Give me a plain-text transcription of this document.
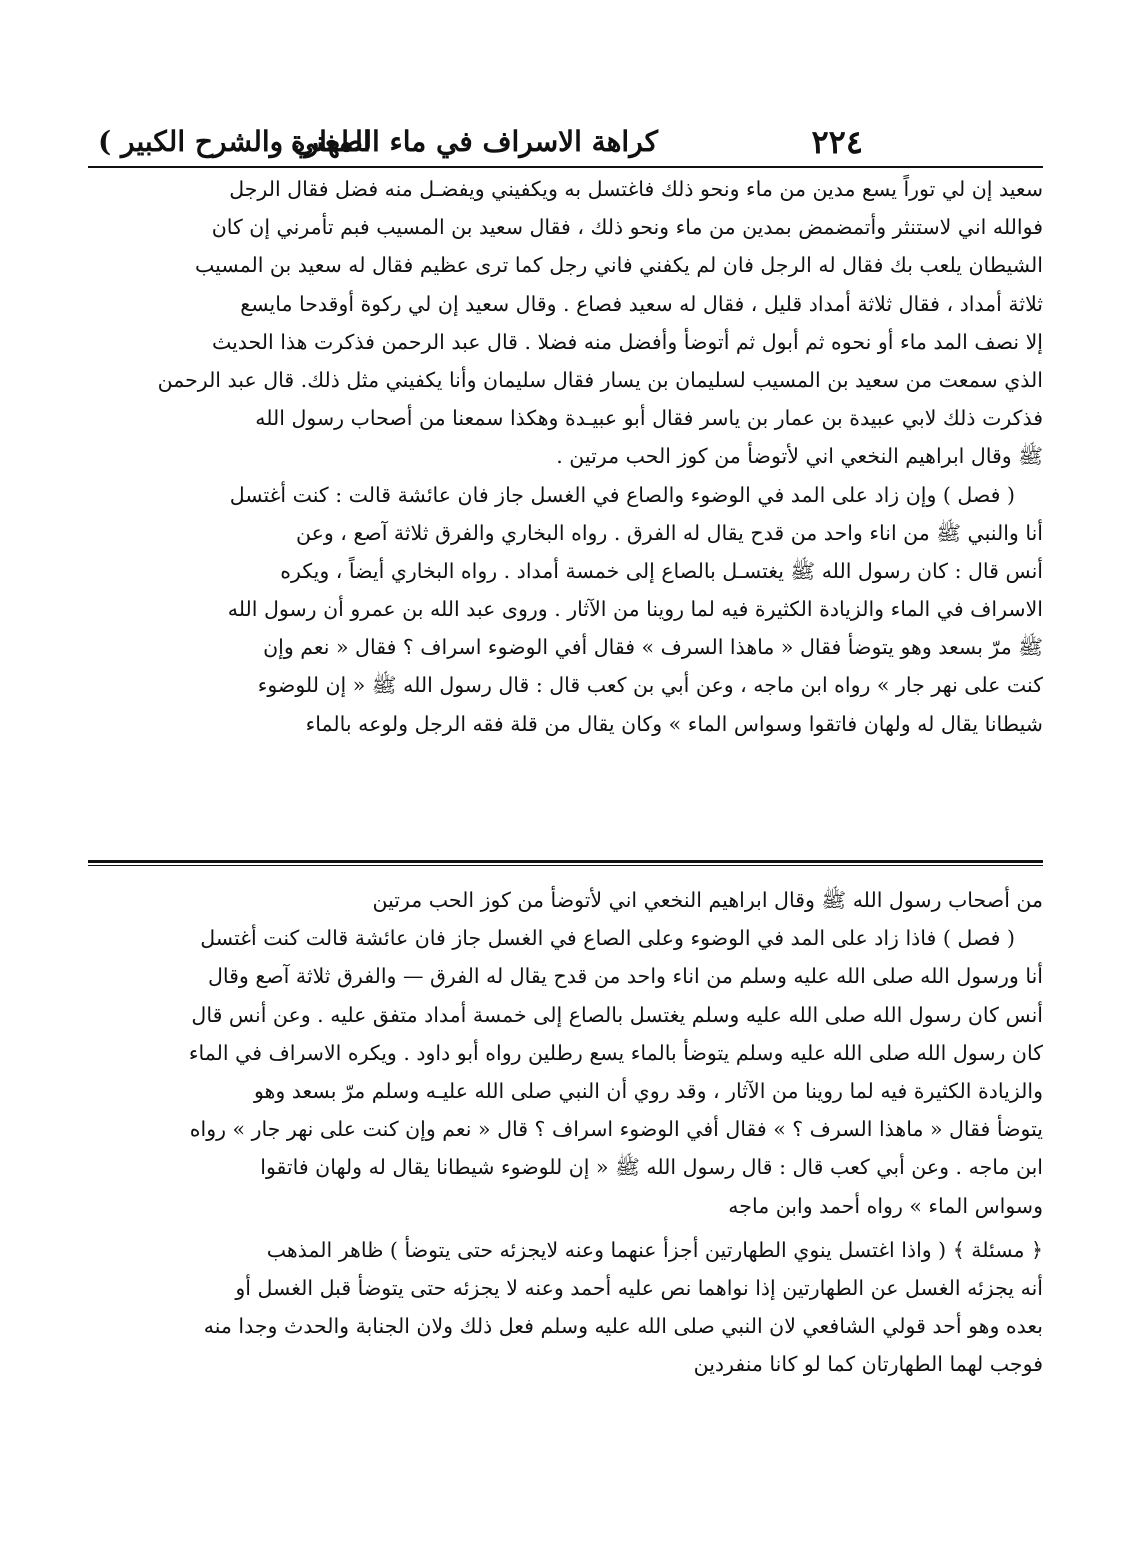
٢٢٤
كراهة الاسراف في ماء الطهارة
المغني والشرح الكبير )
سعيد إن لي توراً يسع مدين من ماء ونحو ذلك فاغتسل به ويكفيني ويفضـل منه فضل فقال الرجل
فوالله اني لاستنثر وأتمضمض بمدين من ماء ونحو ذلك ، فقال سعيد بن المسيب فبم تأمرني إن كان
الشيطان يلعب بك فقال له الرجل فان لم يكفني فاني رجل كما ترى عظيم فقال له سعيد بن المسيب
ثلاثة أمداد ، فقال ثلاثة أمداد قليل ، فقال له سعيد فصاع . وقال سعيد إن لي ركوة أوقدحا مايسع
إلا نصف المد ماء أو نحوه ثم أبول ثم أتوضأ وأفضل منه فضلا . قال عبد الرحمن فذكرت هذا الحديث
الذي سمعت من سعيد بن المسيب لسليمان بن يسار فقال سليمان وأنا يكفيني مثل ذلك. قال عبد الرحمن
فذكرت ذلك لابي عبيدة بن عمار بن ياسر فقال أبو عبيـدة وهكذا سمعنا من أصحاب رسول الله
ﷺ وقال ابراهيم النخعي اني لأتوضأ من كوز الحب مرتين .
( فصل ) وإن زاد على المد في الوضوء والصاع في الغسل جاز فان عائشة قالت : كنت أغتسل
أنا والنبي ﷺ من اناء واحد من قدح يقال له الفرق . رواه البخاري والفرق ثلاثة آصع ، وعن
أنس قال : كان رسول الله ﷺ يغتسـل بالصاع إلى خمسة أمداد . رواه البخاري أيضاً ، ويكره
الاسراف في الماء والزيادة الكثيرة فيه لما روينا من الآثار . وروى عبد الله بن عمرو أن رسول الله
ﷺ مرّ بسعد وهو يتوضأ فقال « ماهذا السرف » فقال أفي الوضوء اسراف ؟ فقال « نعم وإن
كنت على نهر جار » رواه ابن ماجه ، وعن أبي بن كعب قال : قال رسول الله ﷺ « إن للوضوء
شيطانا يقال له ولهان فاتقوا وسواس الماء » وكان يقال من قلة فقه الرجل ولوعه بالماء
من أصحاب رسول الله ﷺ وقال ابراهيم النخعي اني لأتوضأ من كوز الحب مرتين
( فصل ) فاذا زاد على المد في الوضوء وعلى الصاع في الغسل جاز فان عائشة قالت كنت أغتسل
أنا ورسول الله صلى الله عليه وسلم من اناء واحد من قدح يقال له الفرق — والفرق ثلاثة آصع وقال
أنس كان رسول الله صلى الله عليه وسلم يغتسل بالصاع إلى خمسة أمداد متفق عليه . وعن أنس قال
كان رسول الله صلى الله عليه وسلم يتوضأ بالماء يسع رطلين رواه أبو داود . ويكره الاسراف في الماء
والزيادة الكثيرة فيه لما روينا من الآثار ، وقد روي أن النبي صلى الله عليـه وسلم مرّ بسعد وهو
يتوضأ فقال « ماهذا السرف ؟ » فقال أفي الوضوء اسراف ؟ قال « نعم وإن كنت على نهر جار » رواه
ابن ماجه . وعن أبي كعب قال : قال رسول الله ﷺ « إن للوضوء شيطانا يقال له ولهان فاتقوا
وسواس الماء » رواه أحمد وابن ماجه
﴿ مسئلة ﴾ ( واذا اغتسل ينوي الطهارتين أجزأ عنهما وعنه لايجزئه حتى يتوضأ ) ظاهر المذهب
أنه يجزئه الغسل عن الطهارتين إذا نواهما نص عليه أحمد وعنه لا يجزئه حتى يتوضأ قبل الغسل أو
بعده وهو أحد قولي الشافعي لان النبي صلى الله عليه وسلم فعل ذلك ولان الجنابة والحدث وجدا منه
فوجب لهما الطهارتان كما لو كانا منفردين
